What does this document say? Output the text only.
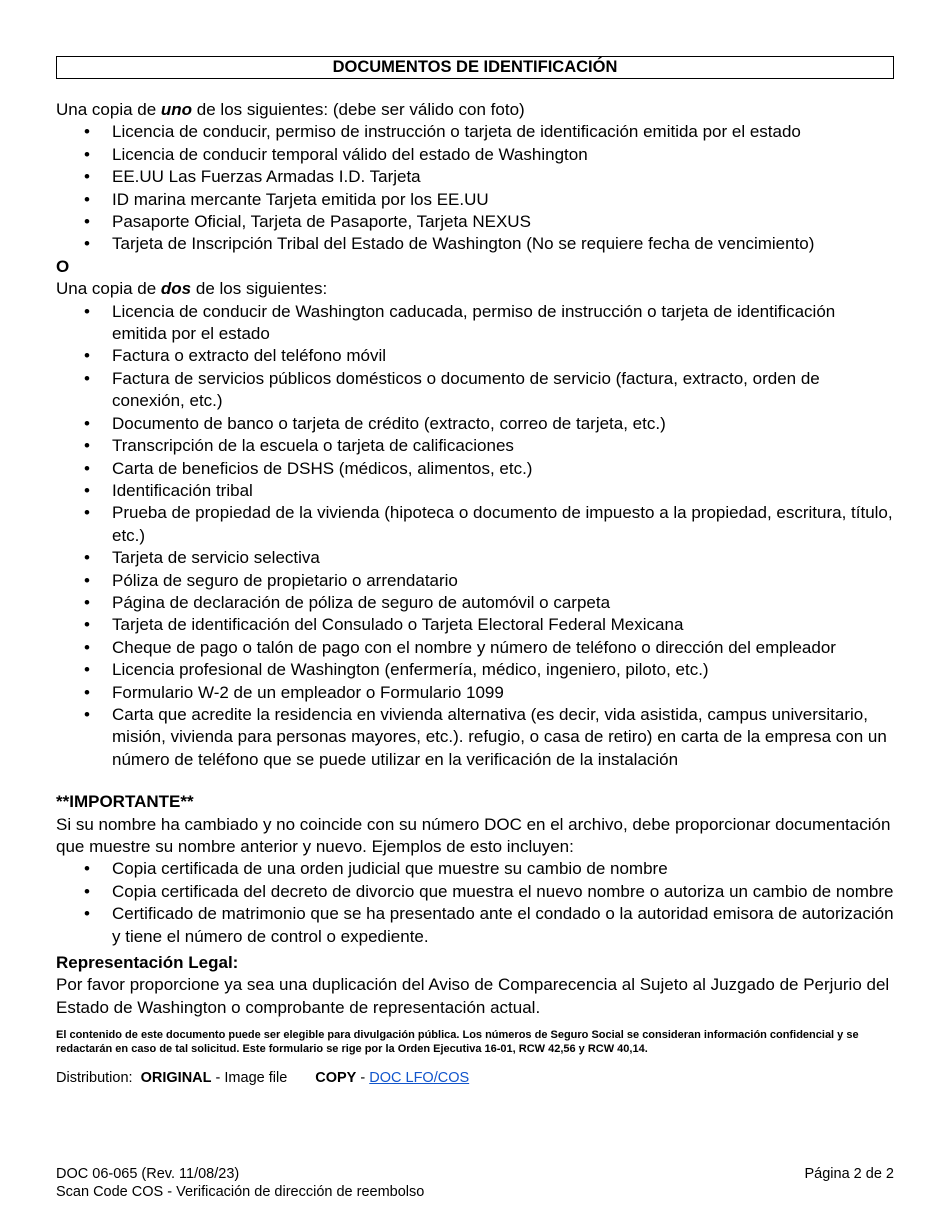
DOCUMENTOS DE IDENTIFICACIÓN
Una copia de uno de los siguientes: (debe ser válido con foto)
• Licencia de conducir, permiso de instrucción o tarjeta de identificación emitida por el estado
• Licencia de conducir temporal válido del estado de Washington
• EE.UU Las Fuerzas Armadas I.D. Tarjeta
• ID marina mercante Tarjeta emitida por los EE.UU
• Pasaporte Oficial, Tarjeta de Pasaporte, Tarjeta NEXUS
• Tarjeta de Inscripción Tribal del Estado de Washington (No se requiere fecha de vencimiento)
O
Una copia de dos de los siguientes:
• Licencia de conducir de Washington caducada, permiso de instrucción o tarjeta de identificación emitida por el estado
• Factura o extracto del teléfono móvil
• Factura de servicios públicos domésticos o documento de servicio (factura, extracto, orden de conexión, etc.)
• Documento de banco o tarjeta de crédito (extracto, correo de tarjeta, etc.)
• Transcripción de la escuela o tarjeta de calificaciones
• Carta de beneficios de DSHS (médicos, alimentos, etc.)
• Identificación tribal
• Prueba de propiedad de la vivienda (hipoteca o documento de impuesto a la propiedad, escritura, título, etc.)
• Tarjeta de servicio selectiva
• Póliza de seguro de propietario o arrendatario
• Página de declaración de póliza de seguro de automóvil o carpeta
• Tarjeta de identificación del Consulado o Tarjeta Electoral Federal Mexicana
• Cheque de pago o talón de pago con el nombre y número de teléfono o dirección del empleador
• Licencia profesional de Washington (enfermería, médico, ingeniero, piloto, etc.)
• Formulario W-2 de un empleador o Formulario 1099
• Carta que acredite la residencia en vivienda alternativa (es decir, vida asistida, campus universitario, misión, vivienda para personas mayores, etc.). refugio, o casa de retiro) en carta de la empresa con un número de teléfono que se puede utilizar en la verificación de la instalación
**IMPORTANTE**
Si su nombre ha cambiado y no coincide con su número DOC en el archivo, debe proporcionar documentación que muestre su nombre anterior y nuevo. Ejemplos de esto incluyen:
• Copia certificada de una orden judicial que muestre su cambio de nombre
• Copia certificada del decreto de divorcio que muestra el nuevo nombre o autoriza un cambio de nombre
• Certificado de matrimonio que se ha presentado ante el condado o la autoridad emisora de autorización y tiene el número de control o expediente.
Representación Legal:
Por favor proporcione ya sea una duplicación del Aviso de Comparecencia al Sujeto al Juzgado de Perjurio del Estado de Washington o comprobante de representación actual.
El contenido de este documento puede ser elegible para divulgación pública. Los números de Seguro Social se consideran información confidencial y se redactarán en caso de tal solicitud. Este formulario se rige por la Orden Ejecutiva 16-01, RCW 42,56 y RCW 40,14.
Distribution:  ORIGINAL - Image file COPY - DOC LFO/COS
DOC 06-065 (Rev. 11/08/23)	Página 2 de 2
Scan Code COS - Verificación de dirección de reembolso
